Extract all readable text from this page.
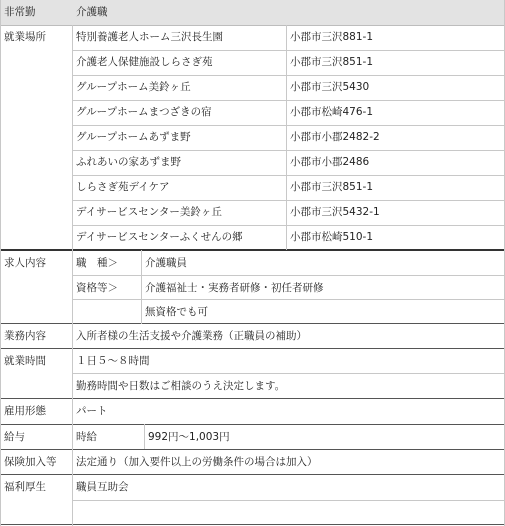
非常勤	介護職
就業場所	特別養護老人ホーム三沢長生園	小郡市三沢881-1
介護老人保健施設しらさぎ苑	小郡市三沢851-1
グループホーム美鈴ヶ丘	小郡市三沢5430
グループホームまつざきの宿	小郡市松崎476-1
グループホームあずま野	小郡市小郡2482-2
ふれあいの家あずま野	小郡市小郡2486
しらさぎ苑デイケア	小郡市三沢851-1
デイサービスセンター美鈴ヶ丘	小郡市三沢5432-1
デイサービスセンターふくせんの郷	小郡市松崎510-1
求人内容	職　種＞	介護職員
資格等＞	介護福祉士・実務者研修・初任者研修
無資格でも可
業務内容	入所者様の生活支援や介護業務（正職員の補助）
就業時間	１日５～８時間
勤務時間や日数はご相談のうえ決定します。
雇用形態	パート
給与	時給	992円～1,003円
保険加入等	法定通り（加入要件以上の労働条件の場合は加入）
福利厚生	職員互助会
